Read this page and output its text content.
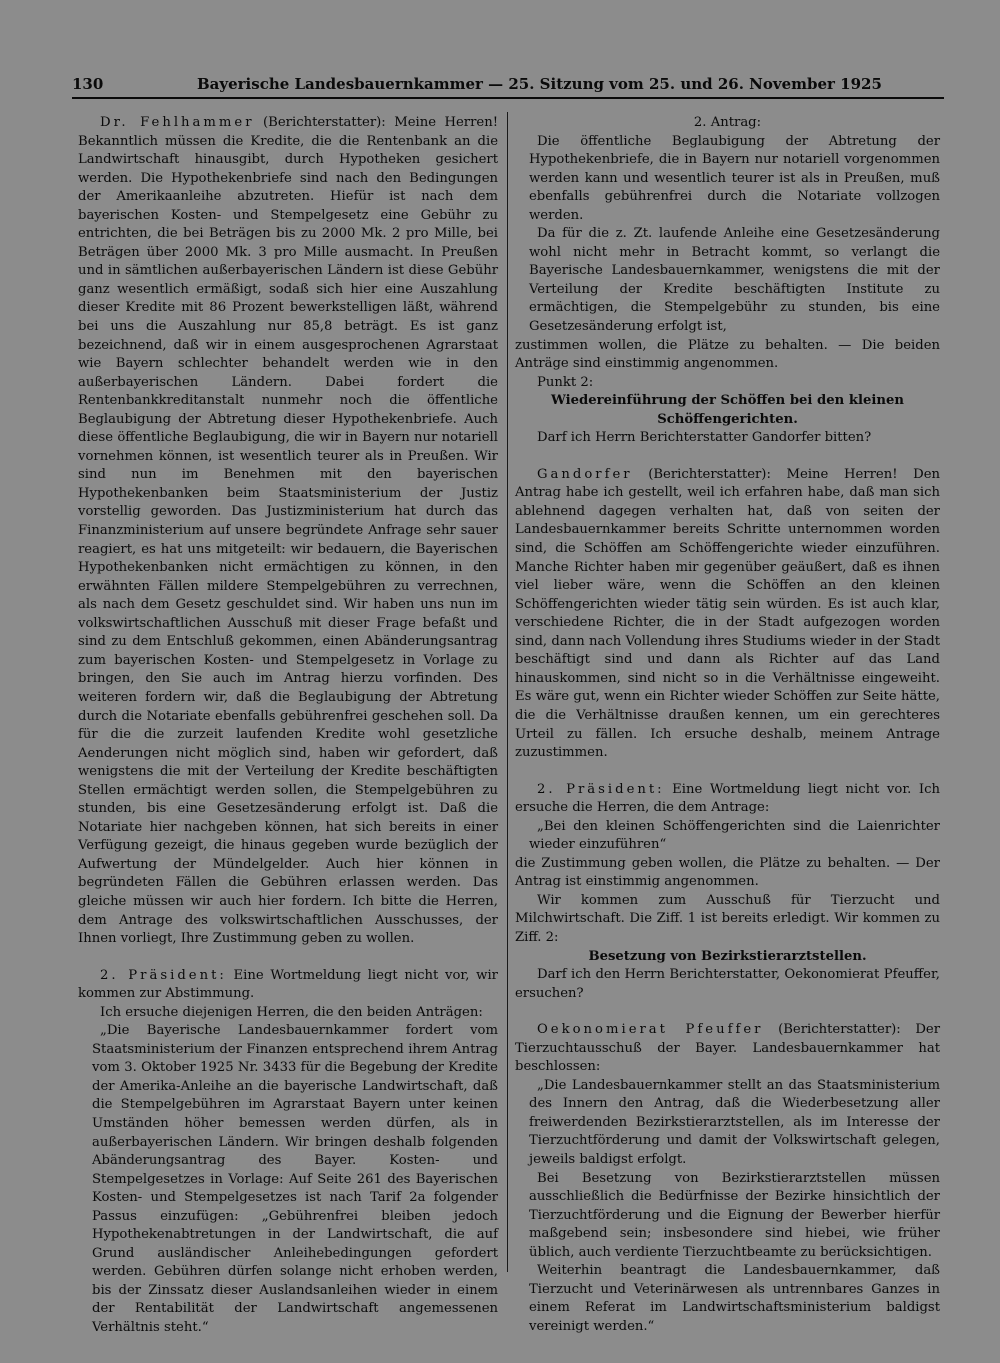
130	Bayerische Landesbauernkammer — 25. Sitzung vom 25. und 26. November 1925

Dr. Fehlhammer (Berichterstatter): Meine Herren! Bekanntlich müssen die Kredite, die die Rentenbank an die Landwirtschaft hinausgibt, durch Hypotheken gesichert werden. Die Hypothekenbriefe sind nach den Bedingungen der Amerikaanleihe abzutreten. Hiefür ist nach dem bayerischen Kosten- und Stempelgesetz eine Gebühr zu entrichten, die bei Beträgen bis zu 2000 Mk. 2 pro Mille, bei Beträgen über 2000 Mk. 3 pro Mille ausmacht. In Preußen und in sämtlichen außerbayerischen Ländern ist diese Gebühr ganz wesentlich ermäßigt, sodaß sich hier eine Auszahlung dieser Kredite mit 86 Prozent bewerkstelligen läßt, während bei uns die Auszahlung nur 85,8 beträgt. Es ist ganz bezeichnend, daß wir in einem ausgesprochenen Agrarstaat wie Bayern schlechter behandelt werden wie in den außerbayerischen Ländern. Dabei fordert die Rentenbankkreditanstalt nunmehr noch die öffentliche Beglaubigung der Abtretung dieser Hypothekenbriefe. Auch diese öffentliche Beglaubigung, die wir in Bayern nur notariell vornehmen können, ist wesentlich teurer als in Preußen. Wir sind nun im Benehmen mit den bayerischen Hypothekenbanken beim Staatsministerium der Justiz vorstellig geworden. Das Justizministerium hat durch das Finanzministerium auf unsere begründete Anfrage sehr sauer reagiert, es hat uns mitgeteilt: wir bedauern, die Bayerischen Hypothekenbanken nicht ermächtigen zu können, in den erwähnten Fällen mildere Stempelgebühren zu verrechnen, als nach dem Gesetz geschuldet sind. Wir haben uns nun im volkswirtschaftlichen Ausschuß mit dieser Frage befaßt und sind zu dem Entschluß gekommen, einen Abänderungsantrag zum bayerischen Kosten- und Stempelgesetz in Vorlage zu bringen, den Sie auch im Antrag hierzu vorfinden. Des weiteren fordern wir, daß die Beglaubigung der Abtretung durch die Notariate ebenfalls gebührenfrei geschehen soll. Da für die die zurzeit laufenden Kredite wohl gesetzliche Aenderungen nicht möglich sind, haben wir gefordert, daß wenigstens die mit der Verteilung der Kredite beschäftigten Stellen ermächtigt werden sollen, die Stempelgebühren zu stunden, bis eine Gesetzesänderung erfolgt ist. Daß die Notariate hier nachgeben können, hat sich bereits in einer Verfügung gezeigt, die hinaus gegeben wurde bezüglich der Aufwertung der Mündelgelder. Auch hier können in begründeten Fällen die Gebühren erlassen werden. Das gleiche müssen wir auch hier fordern. Ich bitte die Herren, dem Antrage des volkswirtschaftlichen Ausschusses, der Ihnen vorliegt, Ihre Zustimmung geben zu wollen.

2. Präsident: Eine Wortmeldung liegt nicht vor, wir kommen zur Abstimmung.

Ich ersuche diejenigen Herren, die den beiden Anträgen:

„Die Bayerische Landesbauernkammer fordert vom Staatsministerium der Finanzen entsprechend ihrem Antrag vom 3. Oktober 1925 Nr. 3433 für die Begebung der Kredite der Amerika-Anleihe an die bayerische Landwirtschaft, daß die Stempelgebühren im Agrarstaat Bayern unter keinen Umständen höher bemessen werden dürfen, als in außerbayerischen Ländern. Wir bringen deshalb folgenden Abänderungsantrag des Bayer. Kosten- und Stempelgesetzes in Vorlage: Auf Seite 261 des Bayerischen Kosten- und Stempelgesetzes ist nach Tarif 2a folgender Passus einzufügen: „Gebührenfrei bleiben jedoch Hypothekenabtretungen in der Landwirtschaft, die auf Grund ausländischer Anleihebedingungen gefordert werden. Gebühren dürfen solange nicht erhoben werden, bis der Zinssatz dieser Auslandsanleihen wieder in einem der Rentabilität der Landwirtschaft angemessenen Verhältnis steht.“

2. Antrag:

Die öffentliche Beglaubigung der Abtretung der Hypothekenbriefe, die in Bayern nur notariell vorgenommen werden kann und wesentlich teurer ist als in Preußen, muß ebenfalls gebührenfrei durch die Notariate vollzogen werden.

Da für die z. Zt. laufende Anleihe eine Gesetzesänderung wohl nicht mehr in Betracht kommt, so verlangt die Bayerische Landesbauernkammer, wenigstens die mit der Verteilung der Kredite beschäftigten Institute zu ermächtigen, die Stempelgebühr zu stunden, bis eine Gesetzesänderung erfolgt ist,

zustimmen wollen, die Plätze zu behalten. — Die beiden Anträge sind einstimmig angenommen.

Punkt 2:

Wiedereinführung der Schöffen bei den kleinen Schöffengerichten.

Darf ich Herrn Berichterstatter Gandorfer bitten?

Gandorfer (Berichterstatter): Meine Herren! Den Antrag habe ich gestellt, weil ich erfahren habe, daß man sich ablehnend dagegen verhalten hat, daß von seiten der Landesbauernkammer bereits Schritte unternommen worden sind, die Schöffen am Schöffengerichte wieder einzuführen. Manche Richter haben mir gegenüber geäußert, daß es ihnen viel lieber wäre, wenn die Schöffen an den kleinen Schöffengerichten wieder tätig sein würden. Es ist auch klar, verschiedene Richter, die in der Stadt aufgezogen worden sind, dann nach Vollendung ihres Studiums wieder in der Stadt beschäftigt sind und dann als Richter auf das Land hinauskommen, sind nicht so in die Verhältnisse eingeweiht. Es wäre gut, wenn ein Richter wieder Schöffen zur Seite hätte, die die Verhältnisse draußen kennen, um ein gerechteres Urteil zu fällen. Ich ersuche deshalb, meinem Antrage zuzustimmen.

2. Präsident: Eine Wortmeldung liegt nicht vor. Ich ersuche die Herren, die dem Antrage:

„Bei den kleinen Schöffengerichten sind die Laienrichter wieder einzuführen“

die Zustimmung geben wollen, die Plätze zu behalten. — Der Antrag ist einstimmig angenommen.

Wir kommen zum Ausschuß für Tierzucht und Milchwirtschaft. Die Ziff. 1 ist bereits erledigt. Wir kommen zu Ziff. 2:

Besetzung von Bezirkstierarztstellen.

Darf ich den Herrn Berichterstatter, Oekonomierat Pfeuffer, ersuchen?

Oekonomierat Pfeuffer (Berichterstatter): Der Tierzuchtausschuß der Bayer. Landesbauernkammer hat beschlossen:

„Die Landesbauernkammer stellt an das Staatsministerium des Innern den Antrag, daß die Wiederbesetzung aller freiwerdenden Bezirkstierarztstellen, als im Interesse der Tierzuchtförderung und damit der Volkswirtschaft gelegen, jeweils baldigst erfolgt.

Bei Besetzung von Bezirkstierarztstellen müssen ausschließlich die Bedürfnisse der Bezirke hinsichtlich der Tierzuchtförderung und die Eignung der Bewerber hierfür maßgebend sein; insbesondere sind hiebei, wie früher üblich, auch verdiente Tierzuchtbeamte zu berücksichtigen.

Weiterhin beantragt die Landesbauernkammer, daß Tierzucht und Veterinärwesen als untrennbares Ganzes in einem Referat im Landwirtschaftsministerium baldigst vereinigt werden.“
